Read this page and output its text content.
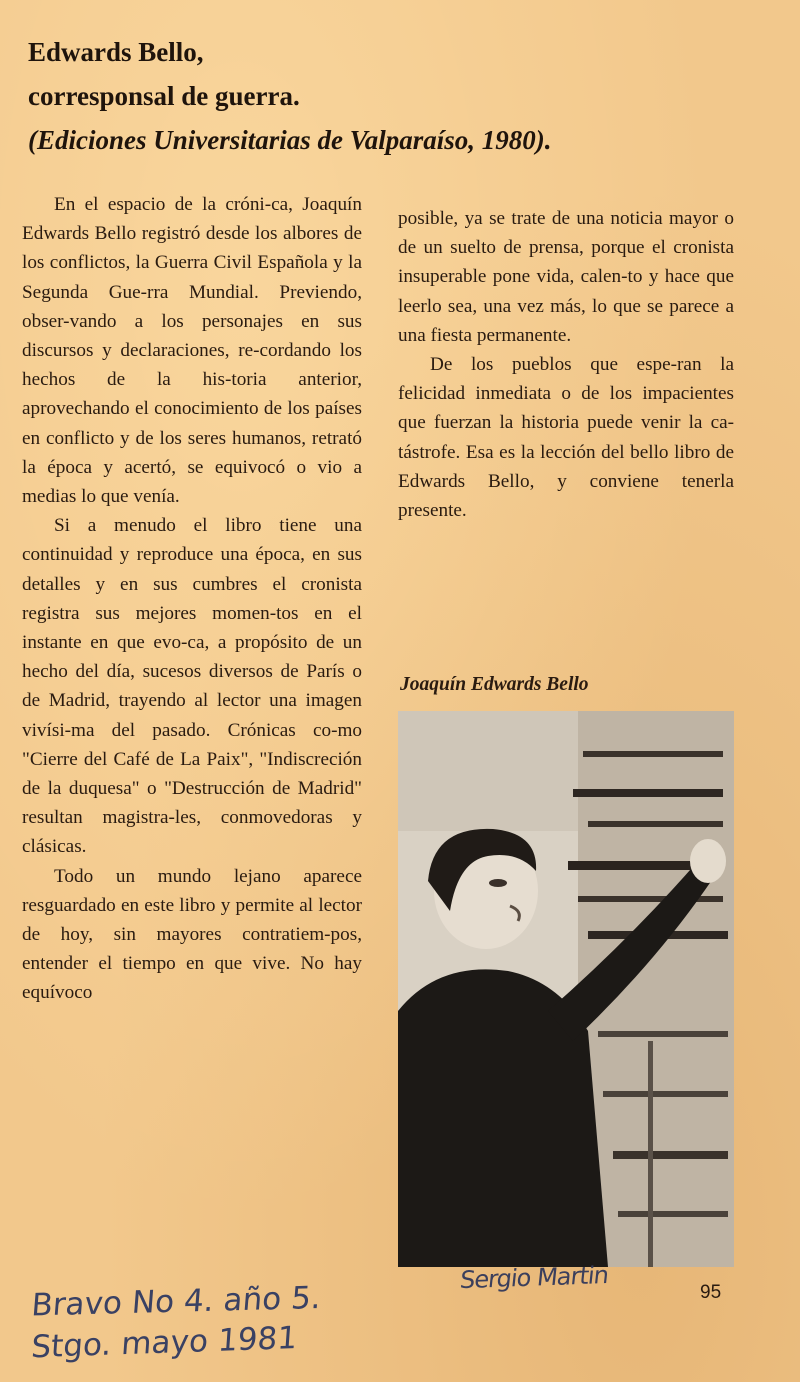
Edwards Bello,
corresponsal de guerra.
(Ediciones Universitarias de Valparaíso, 1980).

En el espacio de la cróni-ca, Joaquín Edwards Bello registró desde los albores de los conflictos, la Guerra Civil Española y la Segunda Gue-rra Mundial. Previendo, obser-vando a los personajes en sus discursos y declaraciones, re-cordando los hechos de la his-toria anterior, aprovechando el conocimiento de los países en conflicto y de los seres humanos, retrató la época y acertó, se equivocó o vio a medias lo que venía.

Si a menudo el libro tiene una continuidad y reproduce una época, en sus detalles y en sus cumbres el cronista registra sus mejores momen-tos en el instante en que evo-ca, a propósito de un hecho del día, sucesos diversos de París o de Madrid, trayendo al lector una imagen vivísi-ma del pasado. Crónicas co-mo "Cierre del Café de La Paix", "Indiscreción de la duquesa" o "Destrucción de Madrid" resultan magistra-les, conmovedoras y clásicas.

Todo un mundo lejano aparece resguardado en este libro y permite al lector de hoy, sin mayores contratiem-pos, entender el tiempo en que vive. No hay equívoco

posible, ya se trate de una noticia mayor o de un suelto de prensa, porque el cronista insuperable pone vida, calen-to y hace que leerlo sea, una vez más, lo que se parece a una fiesta permanente.

De los pueblos que espe-ran la felicidad inmediata o de los impacientes que fuerzan la historia puede venir la ca-tástrofe. Esa es la lección del bello libro de Edwards Bello, y conviene tenerla presente.

Joaquín Edwards Bello
Sergio Martin	95
Bravo No 4. año 5.
Stgo. mayo 1981
